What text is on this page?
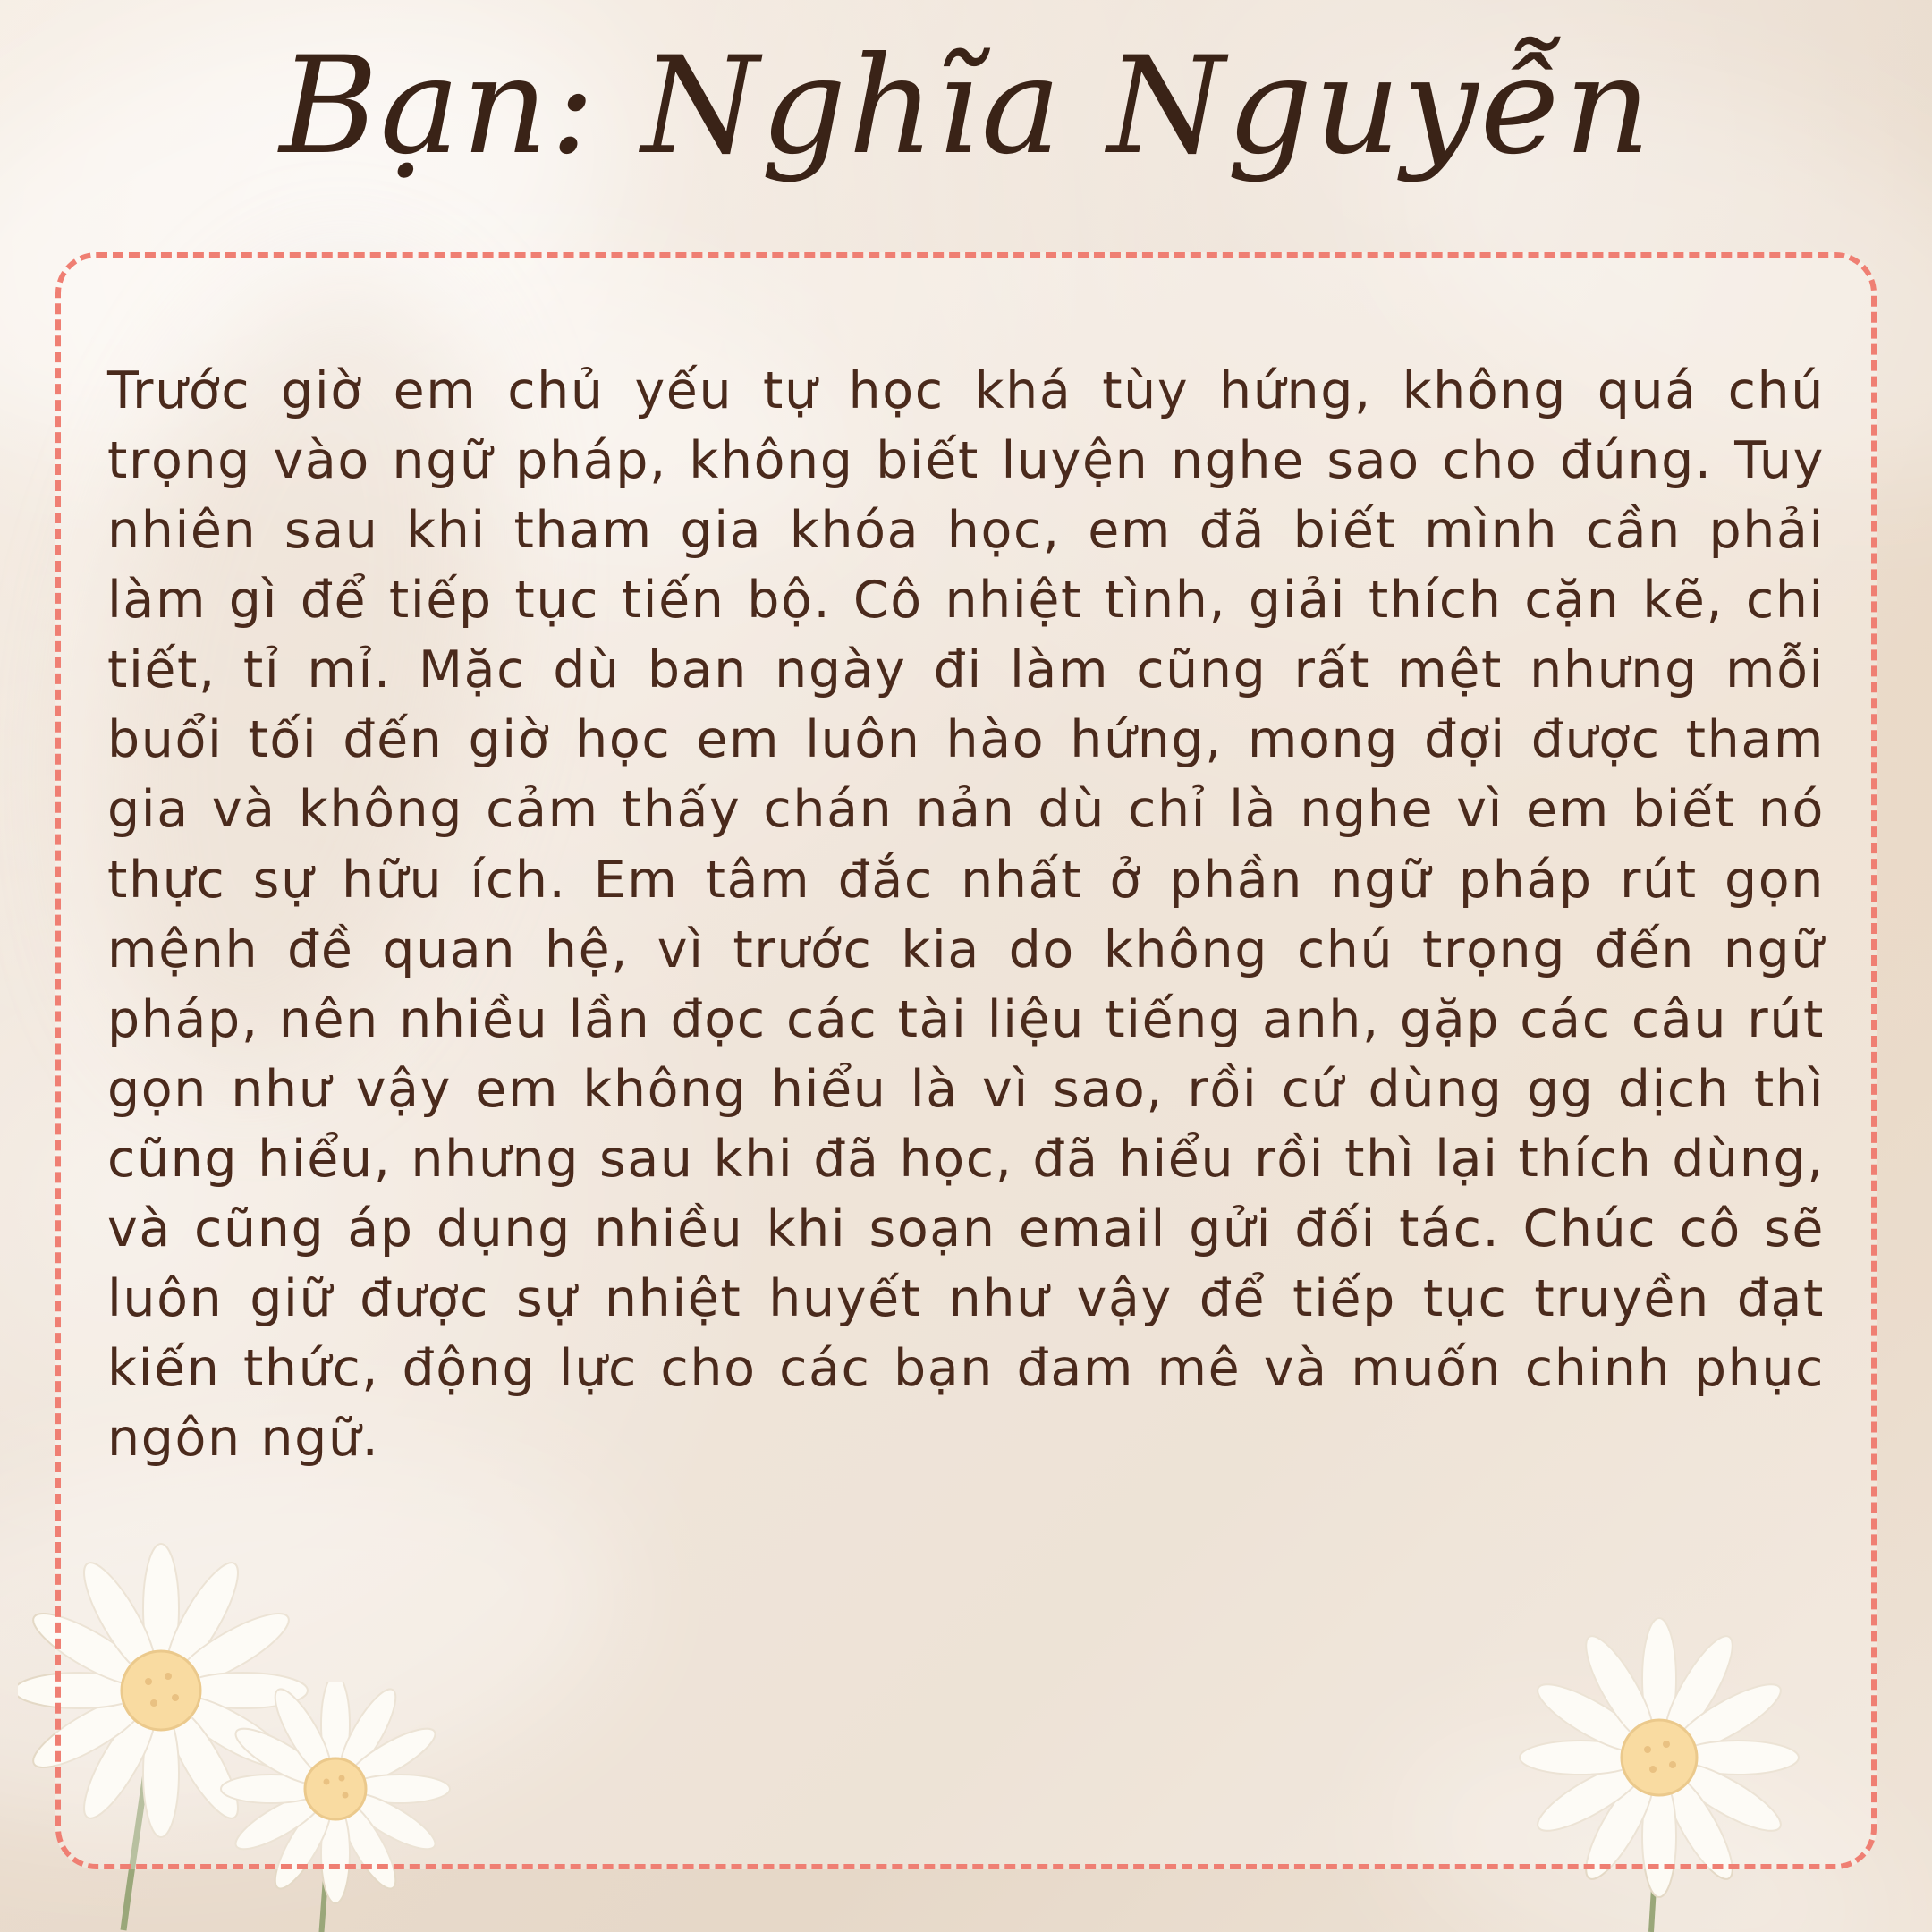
Bạn: Nghĩa Nguyễn

Trước giờ em chủ yếu tự học khá tùy hứng, không quá chú trọng vào ngữ pháp, không biết luyện nghe sao cho đúng. Tuy nhiên sau khi tham gia khóa học, em đã biết mình cần phải làm gì để tiếp tục tiến bộ. Cô nhiệt tình, giải thích cặn kẽ, chi tiết, tỉ mỉ. Mặc dù ban ngày đi làm cũng rất mệt nhưng mỗi buổi tối đến giờ học em luôn hào hứng, mong đợi được tham gia và không cảm thấy chán nản dù chỉ là nghe vì em biết nó thực sự hữu ích. Em tâm đắc nhất ở phần ngữ pháp rút gọn mệnh đề quan hệ, vì trước kia do không chú trọng đến ngữ pháp, nên nhiều lần đọc các tài liệu tiếng anh, gặp các câu rút gọn như vậy em không hiểu là vì sao, rồi cứ dùng gg dịch thì cũng hiểu, nhưng sau khi đã học, đã hiểu rồi thì lại thích dùng, và cũng áp dụng nhiều khi soạn email gửi đối tác. Chúc cô sẽ luôn giữ được sự nhiệt huyết như vậy để tiếp tục truyền đạt kiến thức, động lực cho các bạn đam mê và muốn chinh phục ngôn ngữ.
